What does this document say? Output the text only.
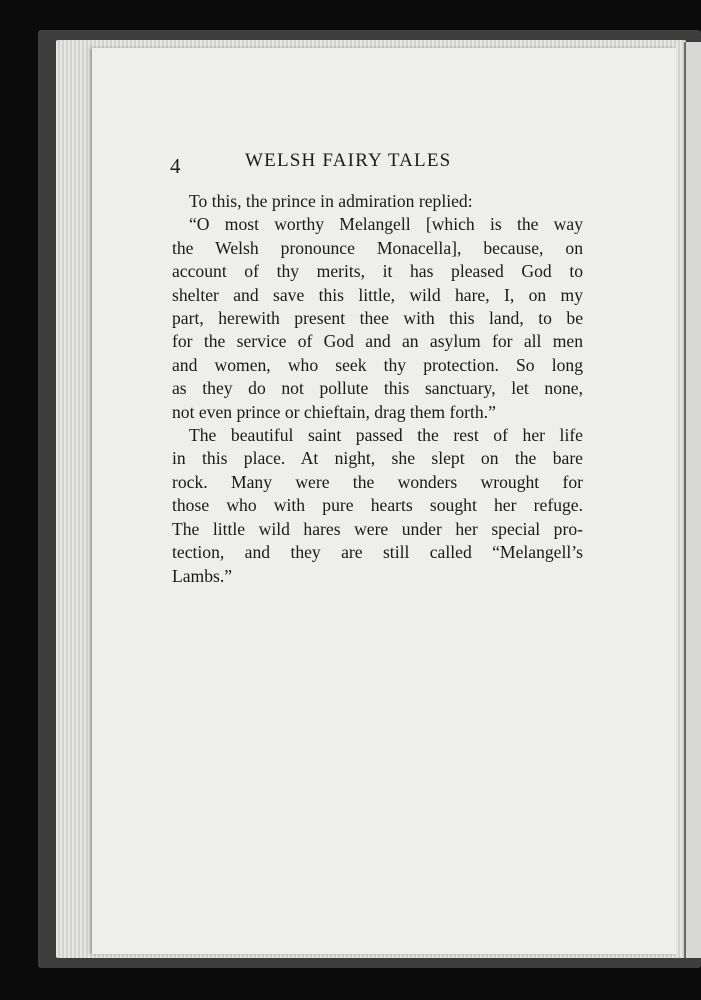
4	WELSH FAIRY TALES
To this, the prince in admiration replied:
“O most worthy Melangell [which is the way
the Welsh pronounce Monacella], because, on
account of thy merits, it has pleased God to
shelter and save this little, wild hare, I, on my
part, herewith present thee with this land, to be
for the service of God and an asylum for all men
and women, who seek thy protection. So long
as they do not pollute this sanctuary, let none,
not even prince or chieftain, drag them forth.”
The beautiful saint passed the rest of her life
in this place. At night, she slept on the bare
rock. Many were the wonders wrought for
those who with pure hearts sought her refuge.
The little wild hares were under her special pro-
tection, and they are still called “Melangell’s
Lambs.”
